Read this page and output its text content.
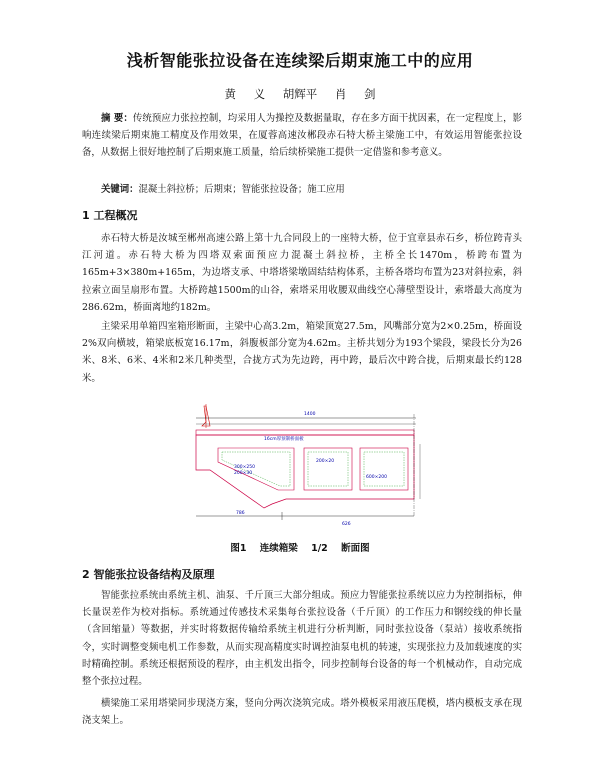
浅析智能张拉设备在连续梁后期束施工中的应用
黄 义 胡辉平 肖 剑
摘 要：传统预应力张拉控制，均采用人为操控及数据量取，存在多方面干扰因素，在一定程度上，影响连续梁后期束施工精度及作用效果，在厦蓉高速汝郴段赤石特大桥主梁施工中，有效运用智能张拉设备，从数据上很好地控制了后期束施工质量，给后续桥梁施工提供一定借鉴和参考意义。
关键词：混凝土斜拉桥；后期束；智能张拉设备；施工应用
1 工程概况
赤石特大桥是汝城至郴州高速公路上第十九合同段上的一座特大桥，位于宜章县赤石乡，桥位跨青头江河道。赤石特大桥为四塔双索面预应力混凝土斜拉桥，主桥全长1470m，桥跨布置为165m+3×380m+165m，为边塔支承、中塔塔梁墩固结结构体系，主桥各塔均布置为23对斜拉索，斜拉索立面呈扇形布置。大桥跨越1500m的山谷，索塔采用收腰双曲线空心薄壁型设计，索塔最大高度为286.62m，桥面离地约182m。
主梁采用单箱四室箱形断面，主梁中心高3.2m，箱梁顶宽27.5m，风嘴部分宽为2×0.25m，桥面设2%双向横坡，箱梁底板宽16.17m，斜腹板部分宽为4.62m。主桥共划分为193个梁段，梁段长分为26米、8米、6米、4米和2米几种类型，合拢方式为先边跨，再中跨，最后次中跨合拢，后期束最长约128米。
1400
16cm厚预制桥面板
300×250
200×30
200×20
600×200
786
626
图1 连续箱梁 1/2 断面图
2 智能张拉设备结构及原理
智能张拉系统由系统主机、油泵、千斤顶三大部分组成。预应力智能张拉系统以应力为控制指标，伸长量误差作为校对指标。系统通过传感技术采集每台张拉设备（千斤顶）的工作压力和钢绞线的伸长量（含回缩量）等数据，并实时将数据传输给系统主机进行分析判断，同时张拉设备（泵站）接收系统指令，实时调整变频电机工作参数，从而实现高精度实时调控油泵电机的转速，实现张拉力及加载速度的实时精确控制。系统还根据预设的程序，由主机发出指令，同步控制每台设备的每一个机械动作，自动完成整个张拉过程。
横梁施工采用塔梁同步现浇方案，竖向分两次浇筑完成。塔外模板采用液压爬模，塔内模板支承在现浇支架上。
